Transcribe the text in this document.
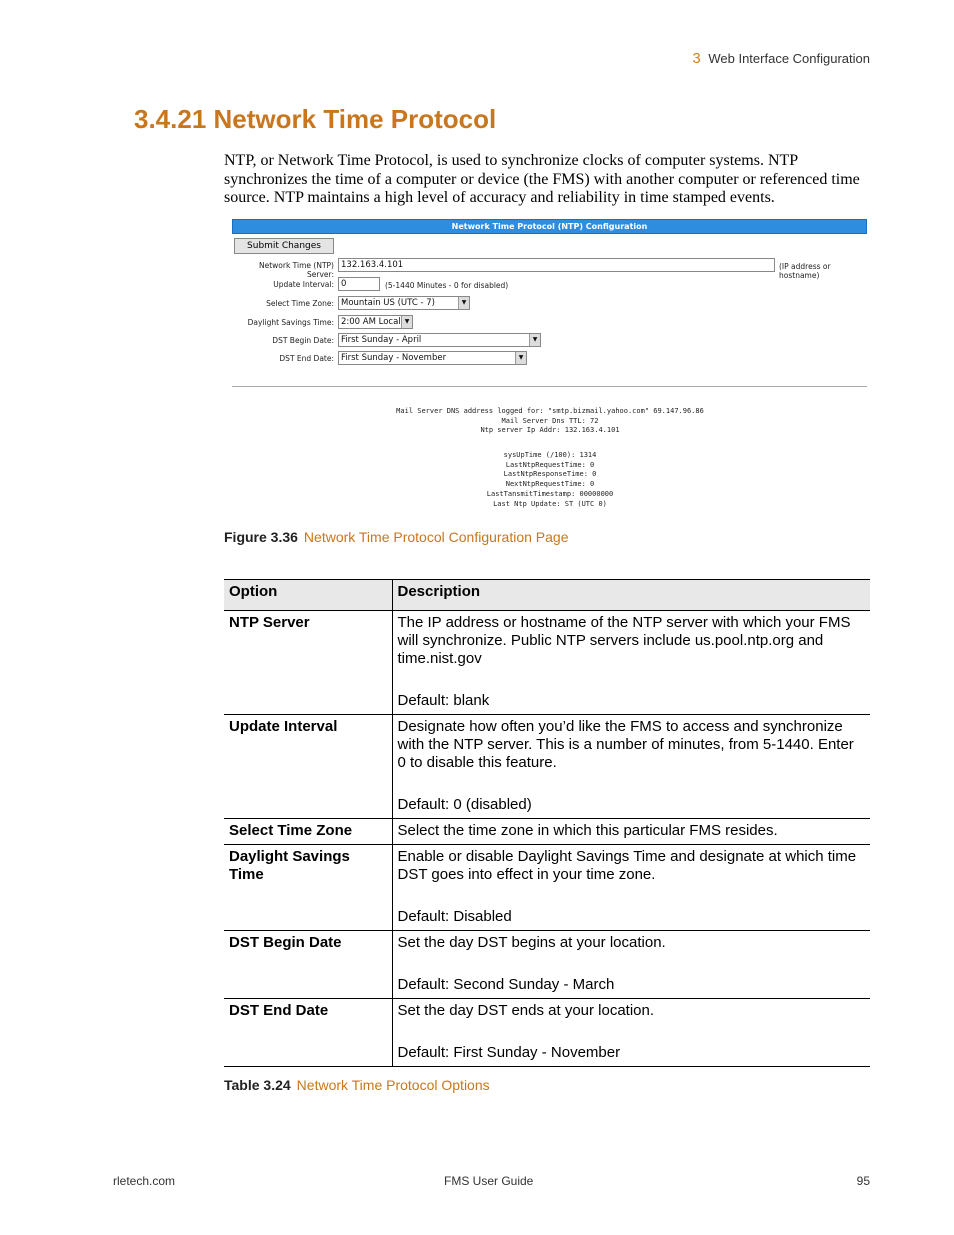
3 Web Interface Configuration
3.4.21 Network Time Protocol

NTP, or Network Time Protocol, is used to synchronize clocks of computer systems. NTP synchronizes the time of a computer or device (the FMS) with another computer or referenced time source. NTP maintains a high level of accuracy and reliability in time stamped events.

Network Time Protocol (NTP) Configuration
Submit Changes
Network Time (NTP) Server:
132.163.4.101	(IP address or hostname)
Update Interval: 0	(5-1440 Minutes - 0 for disabled)
Select Time Zone: Mountain US (UTC - 7)	▼
Daylight Savings Time: 2:00 AM Local ▼
DST Begin Date: First Sunday - April	▼
DST End Date: First Sunday - November	▼
Mail Server DNS address logged for: "smtp.bizmail.yahoo.com" 69.147.96.86
Mail Server Dns TTL: 72
Ntp server Ip Addr: 132.163.4.101
sysUpTime (/100): 1314
LastNtpRequestTime: 0
LastNtpResponseTime: 0
NextNtpRequestTime: 0
LastTansmitTimestamp: 00000000
Last Ntp Update: ST (UTC 0)
Figure 3.36 Network Time Protocol Configuration Page
Option	Description
NTP Server	The IP address or hostname of the NTP server with which your FMS will synchronize. Public NTP servers include us.pool.ntp.org and time.nist.gov
Default: blank

Update Interval	Designate how often you’d like the FMS to access and synchronize with the NTP server. This is a number of minutes, from 5-1440. Enter 0 to disable this feature.
Default: 0 (disabled)

Select Time Zone	Select the time zone in which this particular FMS resides.
Daylight Savings Time	Enable or disable Daylight Savings Time and designate at which time DST goes into effect in your time zone.
Default: Disabled

DST Begin Date	Set the day DST begins at your location.
Default: Second Sunday - March

DST End Date	Set the day DST ends at your location.
Default: First Sunday - November
Table 3.24 Network Time Protocol Options
rletech.com	FMS User Guide	95
